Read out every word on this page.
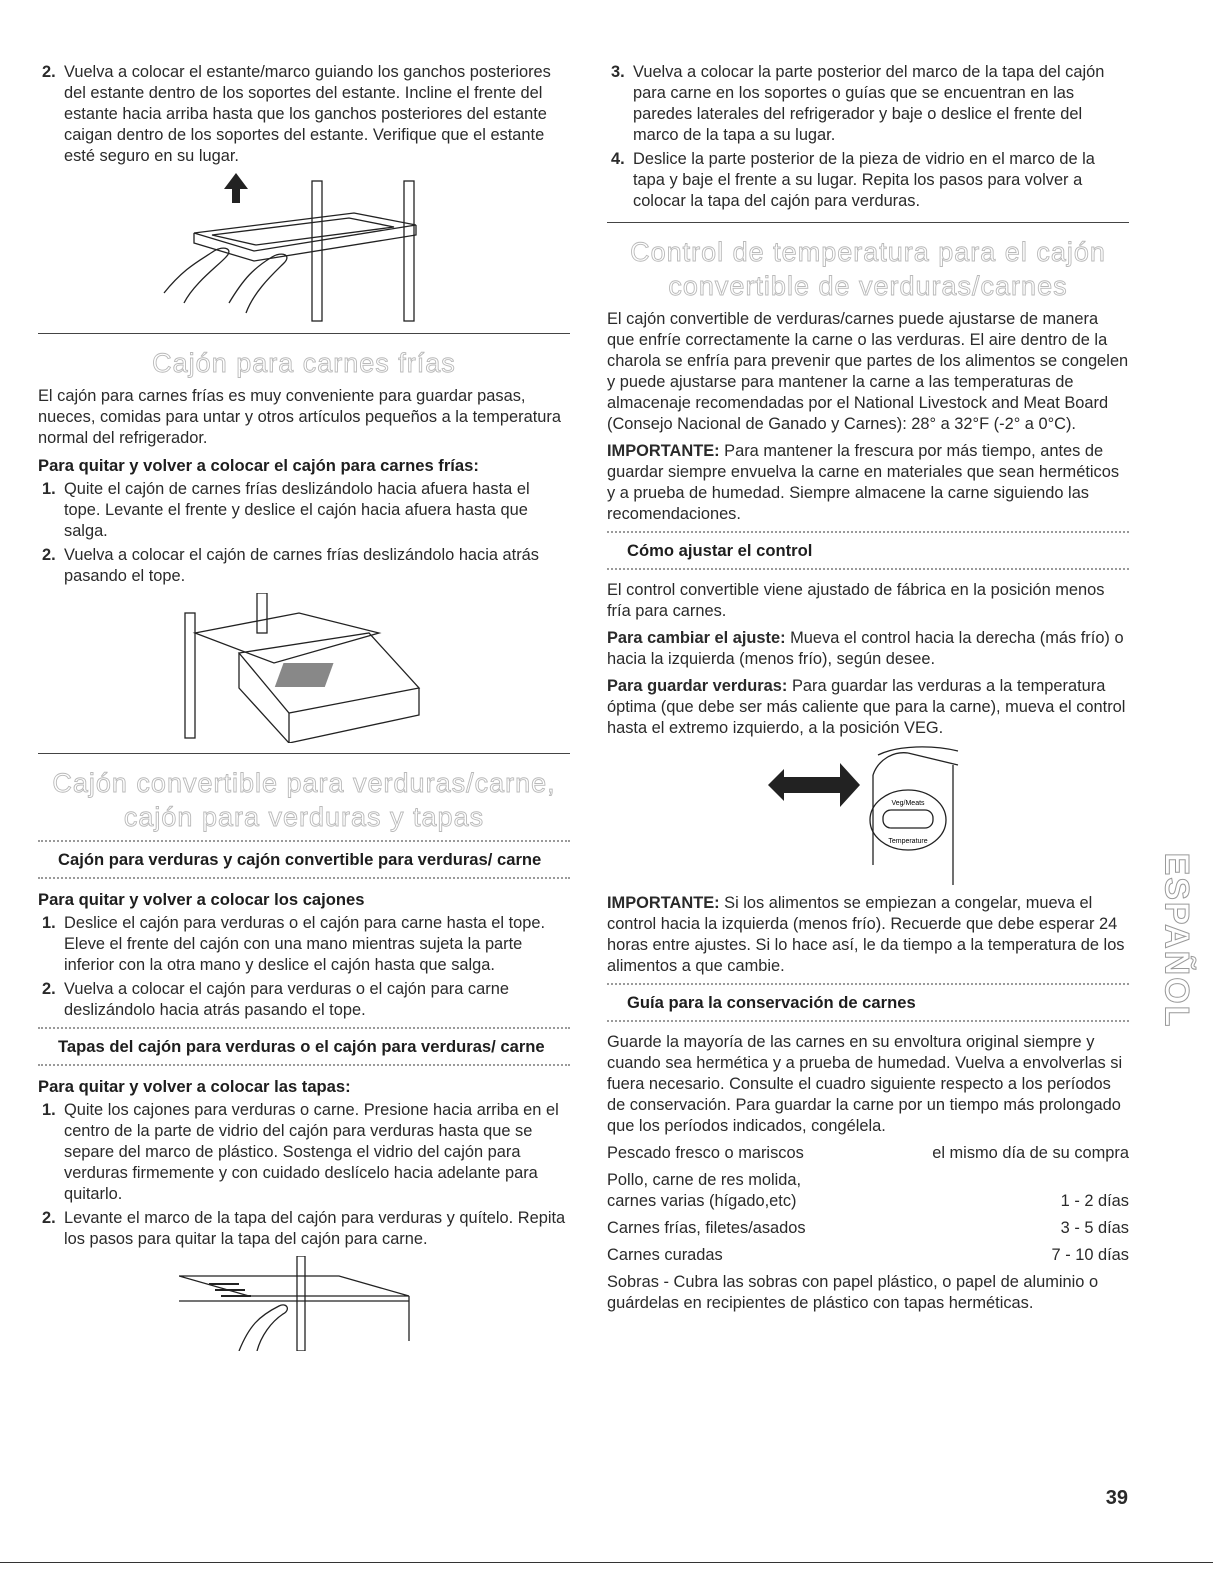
2. Vuelva a colocar el estante/marco guiando los ganchos posteriores del estante dentro de los soportes del estante. Incline el frente del estante hacia arriba hasta que los ganchos posteriores del estante caigan dentro de los soportes del estante. Verifique que el estante esté seguro en su lugar.
Cajón para carnes frías

El cajón para carnes frías es muy conveniente para guardar pasas, nueces, comidas para untar y otros artículos pequeños a la temperatura normal del refrigerador.

Para quitar y volver a colocar el cajón para carnes frías:
1. Quite el cajón de carnes frías deslizándolo hacia afuera hasta el tope. Levante el frente y deslice el cajón hacia afuera hasta que salga.
2. Vuelva a colocar el cajón de carnes frías deslizándolo hacia atrás pasando el tope.
Cajón convertible para verduras/carne,
cajón para verduras y tapas
Cajón para verduras y cajón convertible para verduras/ carne
Para quitar y volver a colocar los cajones
1. Deslice el cajón para verduras o el cajón para carne hasta el tope. Eleve el frente del cajón con una mano mientras sujeta la parte inferior con la otra mano y deslice el cajón hasta que salga.
2. Vuelva a colocar el cajón para verduras o el cajón para carne deslizándolo hacia atrás pasando el tope.
Tapas del cajón para verduras o el cajón para verduras/ carne
Para quitar y volver a colocar las tapas:
1. Quite los cajones para verduras o carne. Presione hacia arriba en el centro de la parte de vidrio del cajón para verduras hasta que se separe del marco de plástico. Sostenga el vidrio del cajón para verduras firmemente y con cuidado deslícelo hacia adelante para quitarlo.
2. Levante el marco de la tapa del cajón para verduras y quítelo. Repita los pasos para quitar la tapa del cajón para carne.
3. Vuelva a colocar la parte posterior del marco de la tapa del cajón para carne en los soportes o guías que se encuentran en las paredes laterales del refrigerador y baje o deslice el frente del marco de la tapa a su lugar.
4. Deslice la parte posterior de la pieza de vidrio en el marco de la tapa y baje el frente a su lugar. Repita los pasos para volver a colocar la tapa del cajón para verduras.
Control de temperatura para el cajón
convertible de verduras/carnes

El cajón convertible de verduras/carnes puede ajustarse de manera que enfríe correctamente la carne o las verduras. El aire dentro de la charola se enfría para prevenir que partes de los alimentos se congelen y puede ajustarse para mantener la carne a las temperaturas de almacenaje recomendadas por el National Livestock and Meat Board (Consejo Nacional de Ganado y Carnes): 28° a 32°F (-2° a 0°C).

IMPORTANTE: Para mantener la frescura por más tiempo, antes de guardar siempre envuelva la carne en materiales que sean herméticos y a prueba de humedad. Siempre almacene la carne siguiendo las recomendaciones.

Cómo ajustar el control

El control convertible viene ajustado de fábrica en la posición menos fría para carnes.

Para cambiar el ajuste: Mueva el control hacia la derecha (más frío) o hacia la izquierda (menos frío), según desee.

Para guardar verduras: Para guardar las verduras a la temperatura óptima (que debe ser más caliente que para la carne), mueva el control hasta el extremo izquierdo, a la posición VEG.

Veg/Meats
Temperature

IMPORTANTE: Si los alimentos se empiezan a congelar, mueva el control hacia la izquierda (menos frío). Recuerde que debe esperar 24 horas entre ajustes. Si lo hace así, le da tiempo a la temperatura de los alimentos a que cambie.

Guía para la conservación de carnes

Guarde la mayoría de las carnes en su envoltura original siempre y cuando sea hermética y a prueba de humedad. Vuelva a envolverlas si fuera necesario. Consulte el cuadro siguiente respecto a los períodos de conservación. Para guardar la carne por un tiempo más prolongado que los períodos indicados, congélela.

Pescado fresco o mariscos	el mismo día de su compra
Pollo, carne de res molida,
carnes varias (hígado,etc)	1 - 2 días
Carnes frías, filetes/asados	3 - 5 días
Carnes curadas	7 - 10 días

Sobras - Cubra las sobras con papel plástico, o papel de aluminio o guárdelas en recipientes de plástico con tapas herméticas.

ESPAÑOL
39
